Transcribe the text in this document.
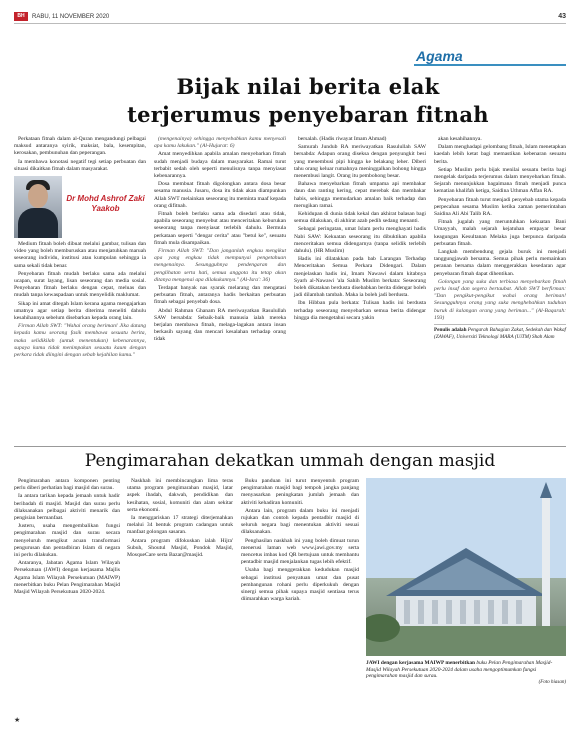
BH	RABU, 11 NOVEMBER 2020	43
Agama
Bijak nilai berita elak
terjerumus penyebaran fitnah

Perkataan fitnah dalam al-Quran mengandungi pelbagai maksud antaranya syirik, maksiat, bala, kesempitan, kerosakan, pembunuhan dan peperangan.

Ia membawa konotasi negatif tegi setiap perbuatan dan situasi dikaitkan fitnah dalam masyarakat.

Dr Mohd Ashrof Zaki Yaakob

Medium fitnah boleh dibuat melalui gambar, tulisan dan video yang boleh memburuskan atau menjatuhkan maruah seseorang individu, institusi atau kumpulan sehingga ia sama sekali tidak benar.

Penyebaran fitnah mudah berlaku sama ada melalui ucapan, surat layang, lisan seseorang dan media sosial. Penyebaran fitnah berlaku dengan cepat, meluas dan mudah tanpa kewaspadaan untuk menyelidik maklumat.

Sikap ini amat ditegah Islam kerana agama mengajarkan umatnya agar setiap berita diterima meneliti dahulu kesahihannya sebelum disebarkan kepada orang lain.

Firman Allah SWT: "Wahai orang beriman! Jika datang kepada kamu seorang fasik membawa sesuatu berita, maka selidikilah (untuk menentukan) kebenarannya, supaya kamu tidak menimpakan sesuatu kaum dengan perkara tidak diingini dengan sebab kejahilan kamu."

(mengenainya) sehingga menyebabkan kamu menyesali apa kamu lakukan." (Al-Hujurat: 6)

Amat menyedihkan apabila amalan menyebarkan fitnah sudah menjadi budaya dalam masyarakat. Ramai turut terbabit sedah oleh seperti menulisnya tanpa menyiasat kebenarannya.

Dosa membuat fitnah digolongkan antara dosa besar sesama manusia. Jusaru, dosa itu tidak akan diampunkan Allah SWT melainkan seseorang itu meminta maaf kepada orang difitnah.

Fitnah boleh berlaku sama ada disedari atau tidak, apabila seseorang menyebut atau menceritakan keburukan seseorang tanpa menyiasat terlebih dahulu. Bermula perkataan seperti "dengar cerita" atau "betul ke", sesuatu fitnah mula disampaikan.

Firman Allah SWT: "Dan janganlah engkau mengikut apa yang engkau tidak mempunyai pengetahuan mengenainya. Sesungguhnya pendengaran dan penglihatan serta hati, semua anggota itu tetap akan ditanya mengenai apa dilakukannya." (Al-Isra': 36)

Terdapat banyak nas syarak melarang dan mengatasi perbuatan fitnah, antaranya hadis berkaitan perbuatan fitnah sebagai penyebab dosa.

Abdul Rahman Ghanam RA meriwayatkan Rasulullah SAW bersabda: Sebaik-baik manusia ialah mereka berjalan membawa fitnah, melaga-lagakan antara insan berkasih sayang dan mencari kesalahan terhadap orang tidak

bersalah. (Hadis riwayat Imam Ahmad)

Samurah Jundub RA meriwayatkan Rasulullah SAW bersabda: Adapun orang diseksa dengan penyungkit besi yang menembusi pipi hingga ke belakang leher. Diberi tahu orang keluar rumahnya meninggalkan bohong hingga menembusi langit. Orang itu pembohong besar.

Bahawa menyebarkan fitnah umpama api membakar daun dan ranting kering, cepat merebak dan membakar habis, sehingga memudarkan amalan baik terhadap dan merugikan ramai.

Kehidupan di dunia tidak kekal dan akhirat balasan bagi semua dilakukan, di akhirat azab pedih sedang menanti.

Sebagai peringatan, umat Islam perlu menghayati hadis Nabi SAW: Kekuatan seseorang itu dibuktikan apabila menceritakan semua didengarnya (tanpa selidik terlebih dahulu). (HR Muslim)

Hadis ini dilatakkan pada bab Larangan Terhadap Menceritakan Semua Perkara Didengari. Dalam menjelaskan hadis ini, Imam Nawawi dalam kitabnya Syarh al-Nawawi 'ala Sahih Muslim berkata: Seseorang boleh dikatakan berdusta disebabkan berita didengar boleh jadi dilambah tambah. Maka ia boleh jadi berdusta.

Ibn Hibban pula berkata: Tulisan hadis ini berdusta terhadap seseorang menyebarkan semua berita didengar hingga dia mengetahui secara yakin

akan kesahihannya.

Dalam menghadapi gelombang fitnah, Islam menetapkan kaedah lebih ketat bagi memastikan kebenaran sesuatu berita.

Setiap Muslim perlu bijak menilai sesuatu berita bagi mengelak daripada terjerumus dalam menyebarkan fitnah. Sejarah menunjukkan bagaimana fitnah menjadi punca kematian khalifah ketiga, Saidina Uthman Affan RA.

Penyebaran fitnah turut menjadi penyebab utama kepada perpecahan sesama Muslim ketika zaman pemerintahan Saidina Ali Abi Talib RA.

Fitnah jugalah yang meruntuhkan kekuatan Bani Umayyah, malah sejarah kejatuhan empayar besar keagungan Kesultanan Melaka juga berpunca daripada perbuatan fitnah.

Langkah membendung gejala buruk ini menjadi tanggungjawab bersama. Semua pihak perlu memainkan peranan bersama dalam menggerakkan kesedaran agar penyebaran fitnah dapat dihentikan.

Golongan yang suka dan terbiasa menyebarkan fitnah perlu insaf dan segera bertaubat. Allah SWT berfirman: "Dan pengikut-pengikut wahai orang beriman! Sesungguhnya orang yang suka menghebahkan tuduhan buruk di kalangan orang yang beriman..." (Al-Baqarah: 193)

Penulis adalah Pengarah Bahagian Zakat, Sedekah dan Wakaf (ZAWAF), Universiti Teknologi MARA (UiTM) Shah Alam
Pengimarahan dekatkan ummah dengan masjid

Pengimarahan antara komponen penting perlu diberi perhatian bagi masjid dan surau.

Ia antara tarikan kepada jemaah untuk hadir beribadah di masjid. Masjid dan surau perlu dilaksanakan pelbagai aktiviti menarik dan pengisian bermanfaat.

Justeru, usaha mengembalikan fungsi pengimarahan masjid dan surau secara menyeluruh mengikut acuan transformasi pengurusan dan pentadbiran Islam di negara ini perlu dilakukan.

Antaranya, Jabatan Agama Islam Wilayah Persekutuan (JAWI) dengan kerjasama Majlis Agama Islam Wilayah Persekutuan (MAIWP) menerbitkan buku Pelan Pengimarahan Masjid Masjid Wilayah Persekutuan 2020-2024.

Naskhah ini membincangkan lima teras utama program pengimarahan masjid, latar aspek ibadah, dakwah, pendidikan dan kesihatan, sosial, komuniti dan alam sekitar serta ekonomi.

Ia menggariskan 17 strategi diterjemahkan melalui 34 bentuk program cadangan untuk manfaat golongan sasaran.

Antara program difokuskan ialah Hijra' Subuh, Shoutul Masjid, Pondok Masjid, MosqueCare serta Bazar@masjid.

Buku panduan ini turut menyentuh program pengimarahan masjid bagi tempoh jangka panjang menyasarkan peningkatan jumlah jemaah dan aktiviti kehadiran komuniti.

Antara lain, program dalam buku ini menjadi rujukan dan contoh kepada pentadbir masjid di seluruh negara bagi menentukan aktiviti sesuai dilaksanakan.

Penghasilan naskhah ini yang boleh dimuat turun menerusi laman web www.jawi.gov.my serta mencetus imbas kod QR bertujuan untuk membantu pentadbir masjid menjalankan tugas lebih efektif.

Usaha bagi menggerakkan kedudukan masjid sebagai institusi penyatuan umat dan pusat pembangunan rohani perlu diperkukuh dengan sinergi semua pihak supaya masjid sentiasa terus diimarahkan warga kariah.

JAWI dengan kerjasama MAIWP menerbitkan buku Pelan Pengimarahan Masjid-Masjid Wilayah Persekutuan 2020-2024 dalam usaha mengoptimumkan fungsi pengimarahan masjid dan surau.
(Foto hiasan)
★
